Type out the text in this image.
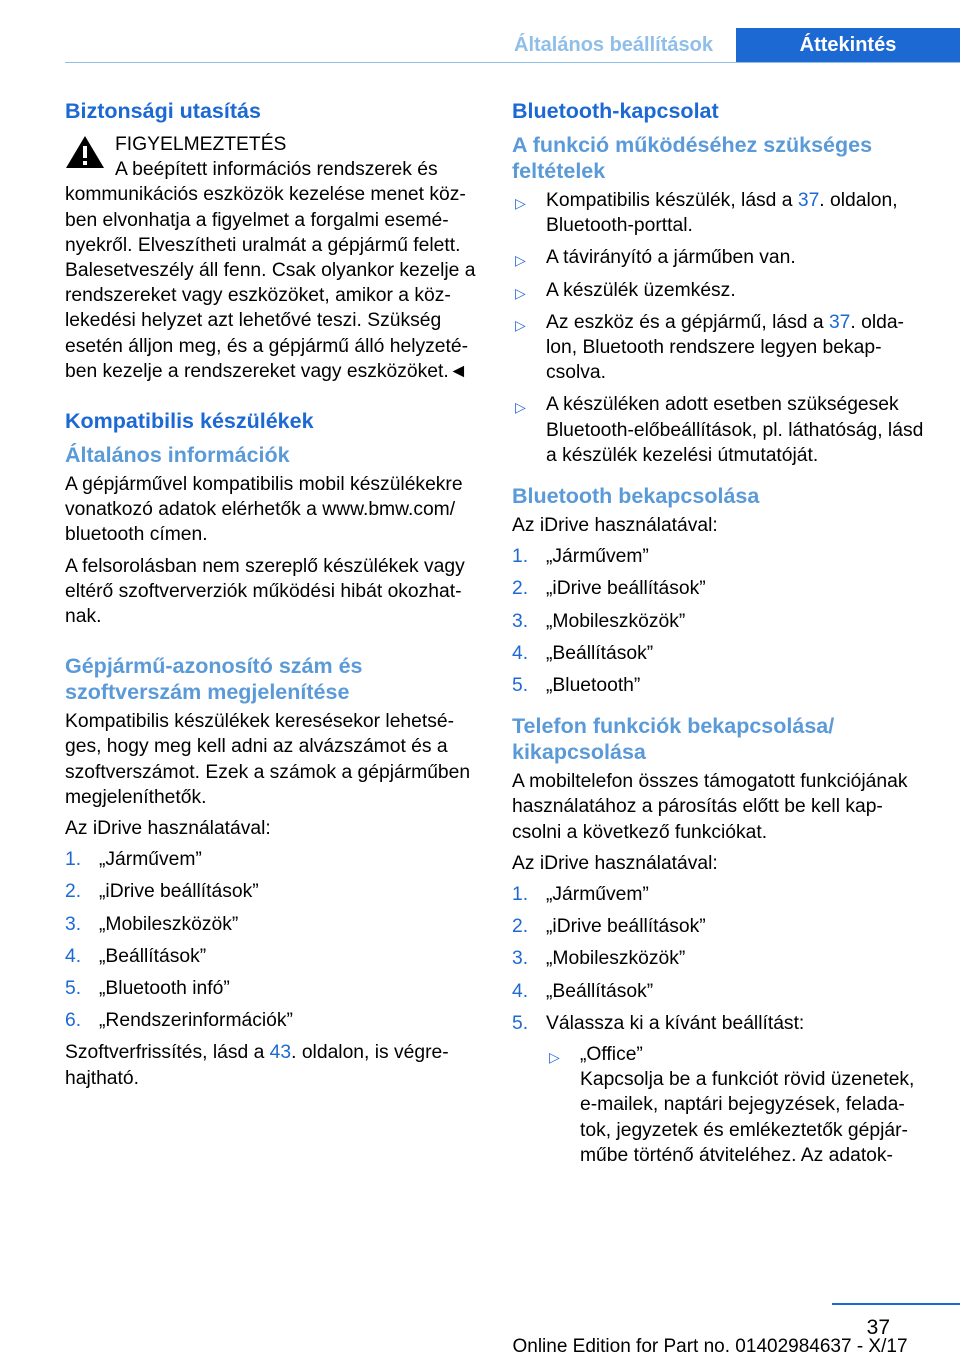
Általános beállítások	Áttekintés
Biztonsági utasítás
FIGYELMEZTETÉS
A beépített információs rendszerek és
kommunikációs eszközök kezelése menet köz-ben elvonhatja a figyelmet a forgalmi esemé-nyekről. Elveszítheti uralmát a gépjármű felett. Balesetveszély áll fenn. Csak olyankor kezelje a rendszereket vagy eszközöket, amikor a köz-lekedési helyzet azt lehetővé teszi. Szükség esetén álljon meg, és a gépjármű álló helyzeté-ben kezelje a rendszereket vagy eszközöket.◄
Kompatibilis készülékek
Általános információk
A gépjárművel kompatibilis mobil készülékekre vonatkozó adatok elérhetők a www.bmw.com/ bluetooth címen.
A felsorolásban nem szereplő készülékek vagy eltérő szoftververziók működési hibát okozhat-nak.
Gépjármű-azonosító szám és szoftverszám megjelenítése
Kompatibilis készülékek keresésekor lehetsé-ges, hogy meg kell adni az alvázszámot és a szoftverszámot. Ezek a számok a gépjárműben megjeleníthetők.
Az iDrive használatával:
1. „Járművem”
2. „iDrive beállítások”
3. „Mobileszközök”
4. „Beállítások”
5. „Bluetooth infó”
6. „Rendszerinformációk”
Szoftverfrissítés, lásd a 43. oldalon, is végre-hajtható.
Bluetooth-kapcsolat
A funkció működéséhez szükséges feltételek
▷ Kompatibilis készülék, lásd a 37. oldalon, Bluetooth-porttal.
▷ A távirányító a járműben van.
▷ A készülék üzemkész.
▷ Az eszköz és a gépjármű, lásd a 37. olda-lon, Bluetooth rendszere legyen bekap-csolva.
▷ A készüléken adott esetben szükségesek Bluetooth-előbeállítások, pl. láthatóság, lásd a készülék kezelési útmutatóját.
Bluetooth bekapcsolása
Az iDrive használatával:
1. „Járművem”
2. „iDrive beállítások”
3. „Mobileszközök”
4. „Beállítások”
5. „Bluetooth”
Telefon funkciók bekapcsolása/ kikapcsolása
A mobiltelefon összes támogatott funkciójának használatához a párosítás előtt be kell kap-csolni a következő funkciókat.
Az iDrive használatával:
1. „Járművem”
2. „iDrive beállítások”
3. „Mobileszközök”
4. „Beállítások”
5. Válassza ki a kívánt beállítást:
▷ „Office”
Kapcsolja be a funkciót rövid üzenetek, e-mailek, naptári bejegyzések, felada-tok, jegyzetek és emlékeztetők gépjár-műbe történő átviteléhez. Az adatok-
37
Online Edition for Part no. 01402984637 - X/17
